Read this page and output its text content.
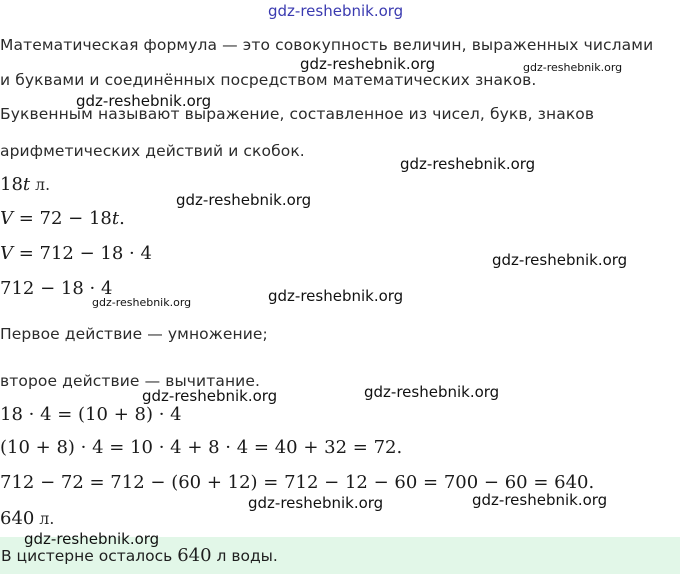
gdz-reshebnik.org
Математическая формула — это совокупность величин, выраженных числами
gdz-reshebnik.org	gdz-reshebnik.org
и буквами и соединённых посредством математических знаков.
gdz-reshebnik.org
Буквенным называют выражение, составленное из чисел, букв, знаков
арифметических действий и скобок.
gdz-reshebnik.org
18t л.
gdz-reshebnik.org
V = 72 − 18t.
V = 712 − 18 · 4	gdz-reshebnik.org
712 − 18 · 4	gdz-reshebnik.org
gdz-reshebnik.org
Первое действие — умножение;
второе действие — вычитание.
gdz-reshebnik.org
gdz-reshebnik.org
18 · 4 = (10 + 8) · 4
(10 + 8) · 4 = 10 · 4 + 8 · 4 = 40 + 32 = 72.
712 − 72 = 712 − (60 + 12) = 712 − 12 − 60 = 700 − 60 = 640.
gdz-reshebnik.org
gdz-reshebnik.org
640 л.
В цистерне осталось 640 л воды.
gdz-reshebnik.org
